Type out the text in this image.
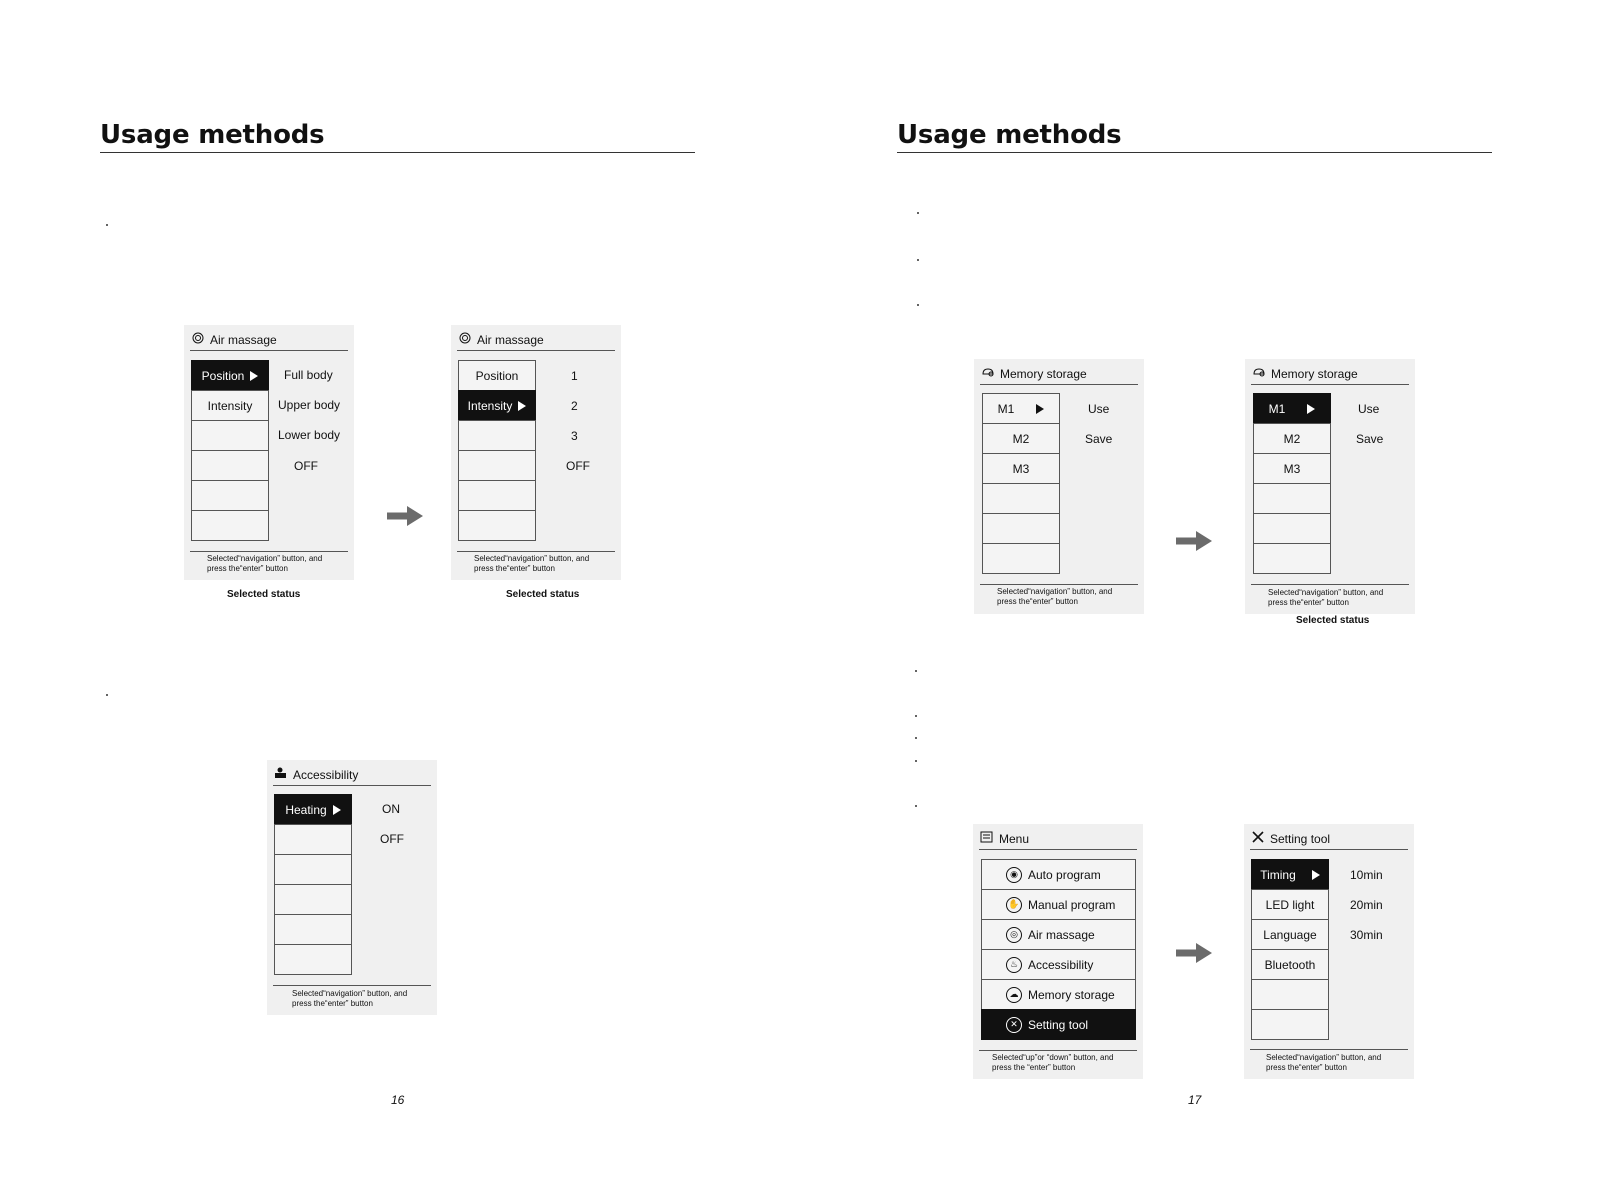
Usage methods
Air massage
Position
Intensity
Full body
Upper body
Lower body
OFF
Selected“navigation” button, and
press the“enter” button
Selected status
Air massage
Position
Intensity
1
2
3
OFF
Selected“navigation” button, and
press the“enter” button
Selected status
Accessibility
Heating	ON
OFF
Selected“navigation” button, and
press the“enter” button
16
Usage methods
Memory storage
M1
M2
M3
Use
Save
Selected“navigation” button, and
press the“enter” button
Memory storage
M1
M2
M3
Use
Save
Selected“navigation” button, and
press the“enter” button
Selected status
Menu
◉ Auto program
✋ Manual program
◎ Air massage
♨ Accessibility
☁ Memory storage
✕ Setting tool
Selected“up”or “down” button, and
press the “enter” button
Setting tool
Timing
LED light
Language
Bluetooth
10min
20min
30min
Selected“navigation” button, and
press the“enter” button
17
